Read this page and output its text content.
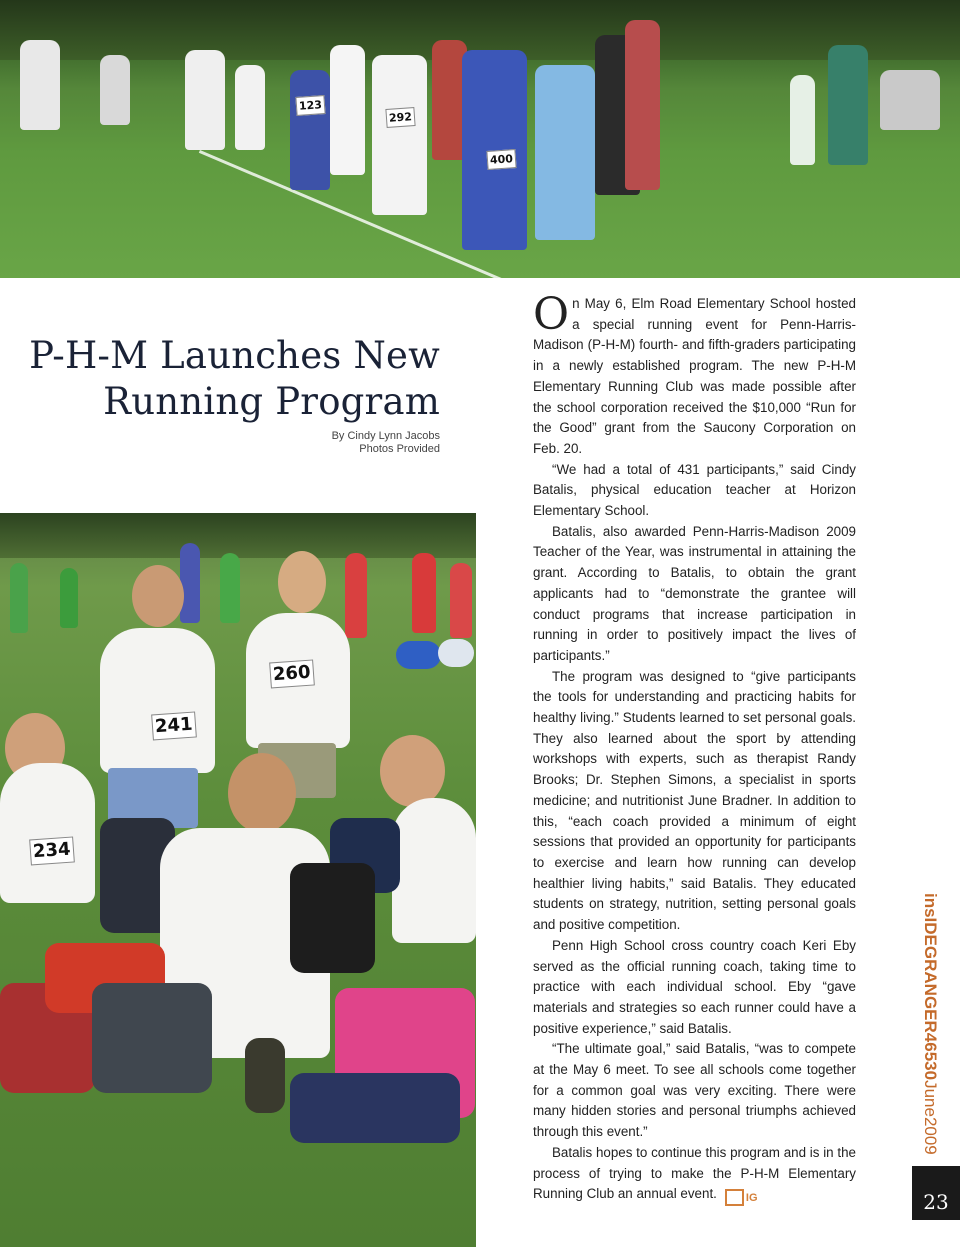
292
400
123
P-H-M Launches New
Running Program
By Cindy Lynn Jacobs
Photos Provided
241
260
234

On May 6, Elm Road Elementary School hosted a special running event for Penn-Harris-Madison (P-H-M) fourth- and fifth-graders participating in a newly established program. The new P-H-M Elementary Running Club was made possible after the school corporation received the $10,000 “Run for the Good” grant from the Saucony Corporation on Feb. 20.

“We had a total of 431 participants,” said Cindy Batalis, physical education teacher at Horizon Elementary School.

Batalis, also awarded Penn-Harris-Madison 2009 Teacher of the Year, was instrumental in attaining the grant. According to Batalis, to obtain the grant applicants had to “demonstrate the grantee will conduct programs that increase participation in running in order to positively impact the lives of participants.”

The program was designed to “give participants the tools for understanding and practicing habits for healthy living.” Students learned to set personal goals. They also learned about the sport by attending workshops with experts, such as therapist Randy Brooks; Dr. Stephen Simons, a specialist in sports medicine; and nutritionist June Bradner. In addition to this, “each coach provided a minimum of eight sessions that provided an opportunity for participants to exercise and learn how running can develop healthier living habits,” said Batalis. They educated students on strategy, nutrition, setting personal goals and positive competition.

Penn High School cross country coach Keri Eby served as the official running coach, taking time to practice with each individual school. Eby “gave materials and strategies so each runner could have a positive experience,” said Batalis.

“The ultimate goal,” said Batalis, “was to compete at the May 6 meet. To see all schools come together for a common goal was very exciting. There were many hidden stories and personal triumphs achieved through this event.”

Batalis hopes to continue this program and is in the process of trying to make the P-H-M Elementary Running Club an annual event.	IG

insIDEGRANGER46530June2009
23
